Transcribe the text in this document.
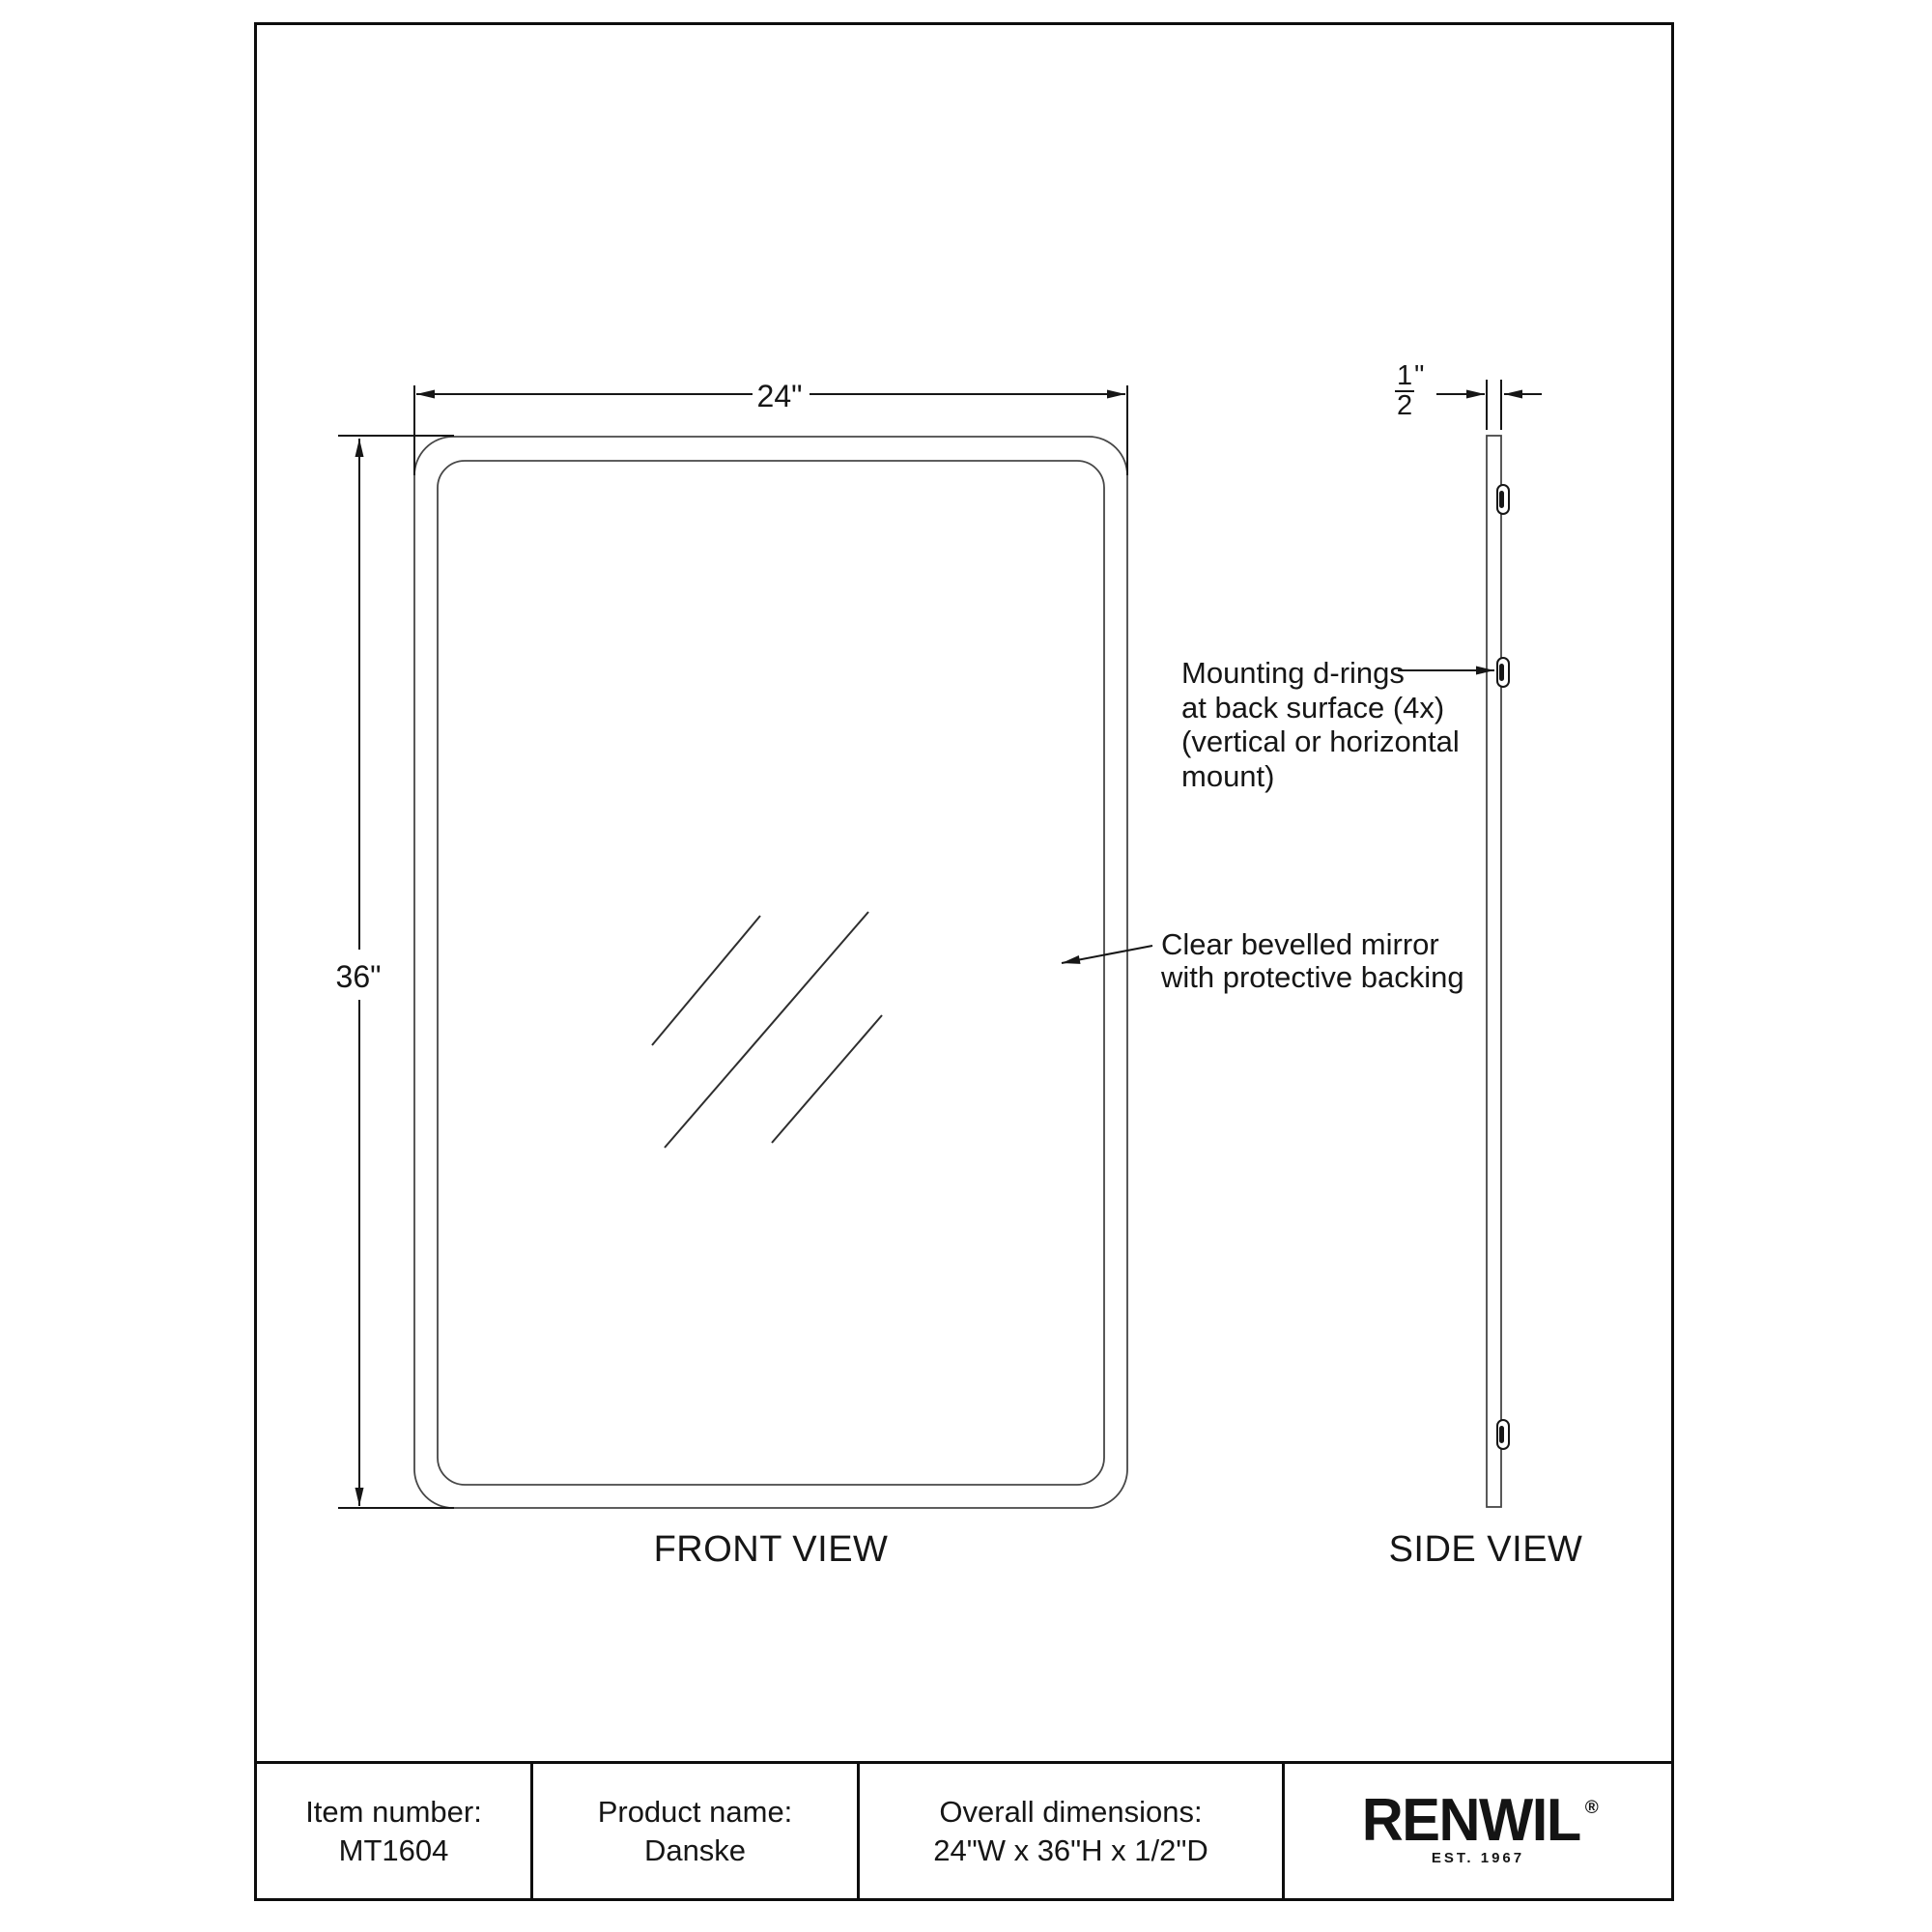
24"
36"
$\frac{1}{2}$ "
Mounting d-rings
at back surface (4x)
(vertical or horizontal
mount)
Clear bevelled mirror
with protective backing
FRONT VIEW	SIDE VIEW
Item number:
MT1604
Product name:
Danske
Overall dimensions:
24"W x 36"H x 1/2"D	RENWIL ®
EST. 1967
